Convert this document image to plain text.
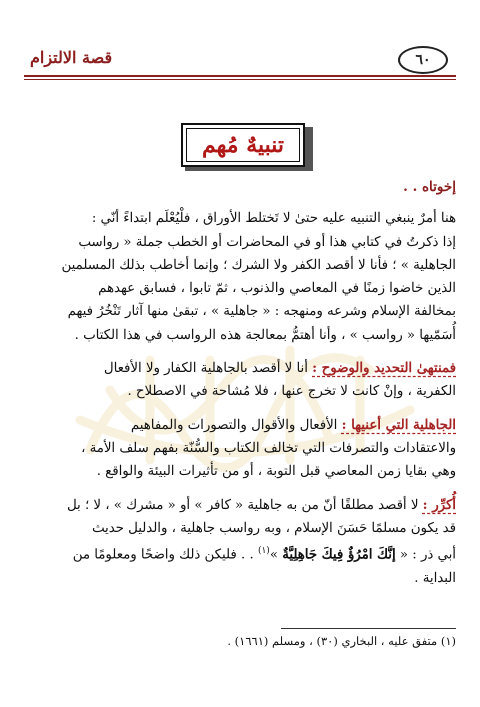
٦٠
قصة الالتزام
تنبيهٌ مُهم

إخوتاه . .

هنا أمرٌ ينبغي التنبيه عليه حتىٰ لا تَختلط الأوراق ، فلْيُعْلَم ابتداءً أنّي :
إذا ذكرتُ في كتابي هذا أو في المحاضرات أو الخطب جملة « رواسب
الجاهلية » ؛ فأنا لا أقصد الكفر ولا الشرك ؛ وإنما أخاطب بذلك المسلمين
الذين خاضوا زمنًا في المعاصي والذنوب ، ثمّ تابوا ، فسابق عهدهم
بمخالفة الإسلام وشرعه ومنهجه : « جاهلية » ، تبقىٰ منها آثار تَنْخُرُ فيهم
أُسَمّيها « رواسب » ، وأنا أهتمُّ بمعالجة هذه الرواسب في هذا الكتاب .

فمنتهىٰ التحديد والوضوح : أنا لا أقصد بالجاهلية الكفار ولا الأفعال
الكفرية ، وإنْ كانت لا تخرج عنها ، فلا مُشاحة في الاصطلاح .

الجاهلية التي أعنيها : الأفعال والأقوال والتصورات والمفاهيم
والاعتقادات والتصرفات التي تخالف الكتاب والسُّنّة بفهم سلف الأمة ،
وهي بقايا زمن المعاصي قبل التوبة ، أو من تأثيرات البيئة والواقع .

أُكرِّر : لا أقصد مطلقًا أنّ من به جاهلية « كافر » أو « مشرك » ، لا ؛ بل
قد يكون مسلمًا حَسَنَ الإسلام ، وبه رواسب جاهلية ، والدليل حديث
أبي ذر : « إنَّكَ امْرُؤٌ فِيكَ جَاهِلِيَّةٌ »$^{(١)}$ . . فليكن ذلك واضحًا ومعلومًا من
البداية .

(١) متفق عليه ، البخاري (٣٠) ، ومسلم (١٦٦١) .
